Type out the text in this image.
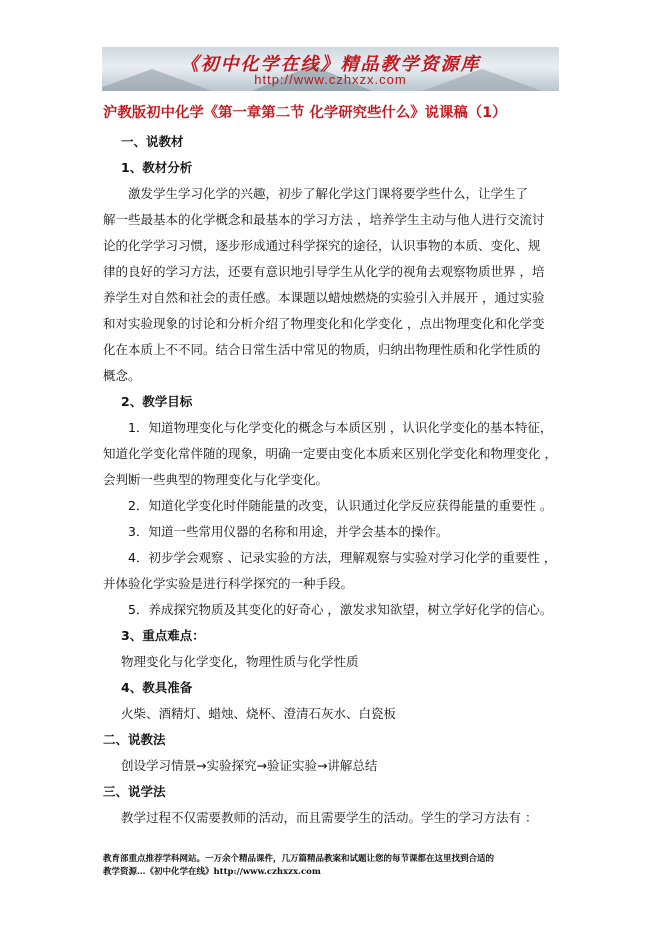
《初中化学在线》精品教学资源库
http://www.czhxzx.com
沪教版初中化学《第一章第二节 化学研究些什么》说课稿（1）
一、说教材
1、教材分析
激发学生学习化学的兴趣，初步了解化学这门课将要学些什么，让学生了
解一些最基本的化学概念和最基本的学习方法 ，培养学生主动与他人进行交流讨
论的化学学习习惯，逐步形成通过科学探究的途径，认识事物的本质、变化、规
律的良好的学习方法，还要有意识地引导学生从化学的视角去观察物质世界 ，培
养学生对自然和社会的责任感。本课题以蜡烛燃烧的实验引入并展开 ，通过实验
和对实验现象的讨论和分析介绍了物理变化和化学变化 ，点出物理变化和化学变
化在本质上不不同。结合日常生活中常见的物质，归纳出物理性质和化学性质的
概念。
2、教学目标
1．知道物理变化与化学变化的概念与本质区别 ，认识化学变化的基本特征，
知道化学变化常伴随的现象，明确一定要由变化本质来区别化学变化和物理变化 ，
会判断一些典型的物理变化与化学变化。
2．知道化学变化时伴随能量的改变，认识通过化学反应获得能量的重要性 。
3．知道一些常用仪器的名称和用途，并学会基本的操作。
4．初步学会观察 、记录实验的方法，理解观察与实验对学习化学的重要性 ，
并体验化学实验是进行科学探究的一种手段。
5．养成探究物质及其变化的好奇心 ，激发求知欲望，树立学好化学的信心。
3、重点难点：
物理变化与化学变化，物理性质与化学性质
4、教具准备
火柴、酒精灯、蜡烛、烧杯、澄清石灰水、白瓷板
二、说教法
创设学习情景→实验探究→验证实验→讲解总结
三、说学法
教学过程不仅需要教师的活动，而且需要学生的活动。学生的学习方法有 ：
教育部重点推荐学科网站。一万余个精品课件，几万篇精品教案和试题让您的每节课都在这里找到合适的
教学资源…《初中化学在线》http://www.czhxzx.com
